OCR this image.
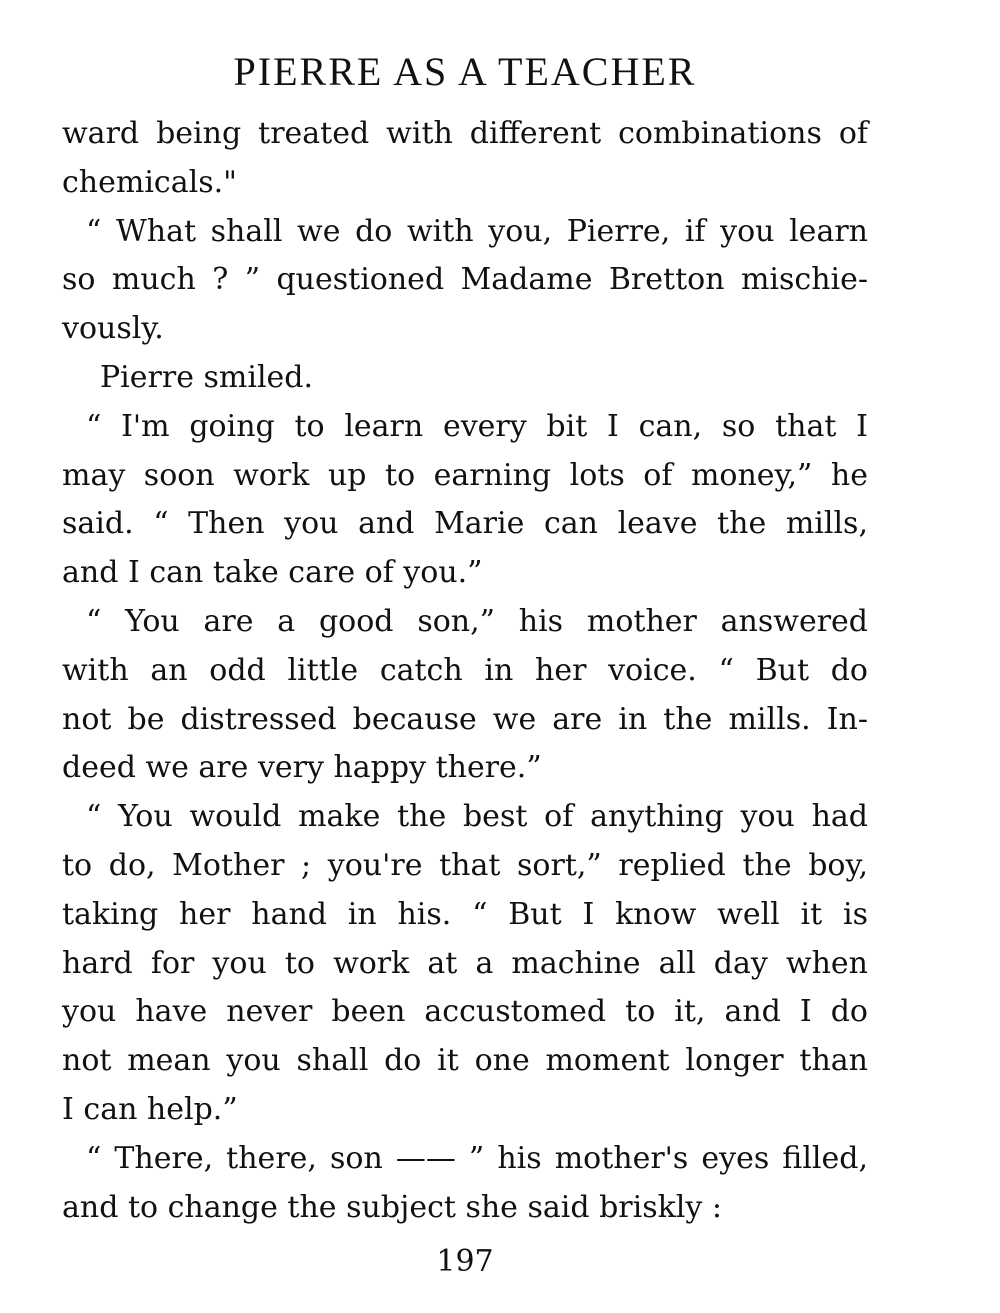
PIERRE AS A TEACHER
ward being treated with different combinations of
chemicals."
“ What shall we do with you, Pierre, if you learn
so much ? ” questioned Madame Bretton mischie-
vously.
Pierre smiled.
“ I'm going to learn every bit I can, so that I
may soon work up to earning lots of money,” he
said. “ Then you and Marie can leave the mills,
and I can take care of you.”
“ You are a good son,” his mother answered
with an odd little catch in her voice. “ But do
not be distressed because we are in the mills. In-
deed we are very happy there.”
“ You would make the best of anything you had
to do, Mother ; you're that sort,” replied the boy,
taking her hand in his. “ But I know well it is
hard for you to work at a machine all day when
you have never been accustomed to it, and I do
not mean you shall do it one moment longer than
I can help.”
“ There, there, son —— ” his mother's eyes filled,
and to change the subject she said briskly :
197
